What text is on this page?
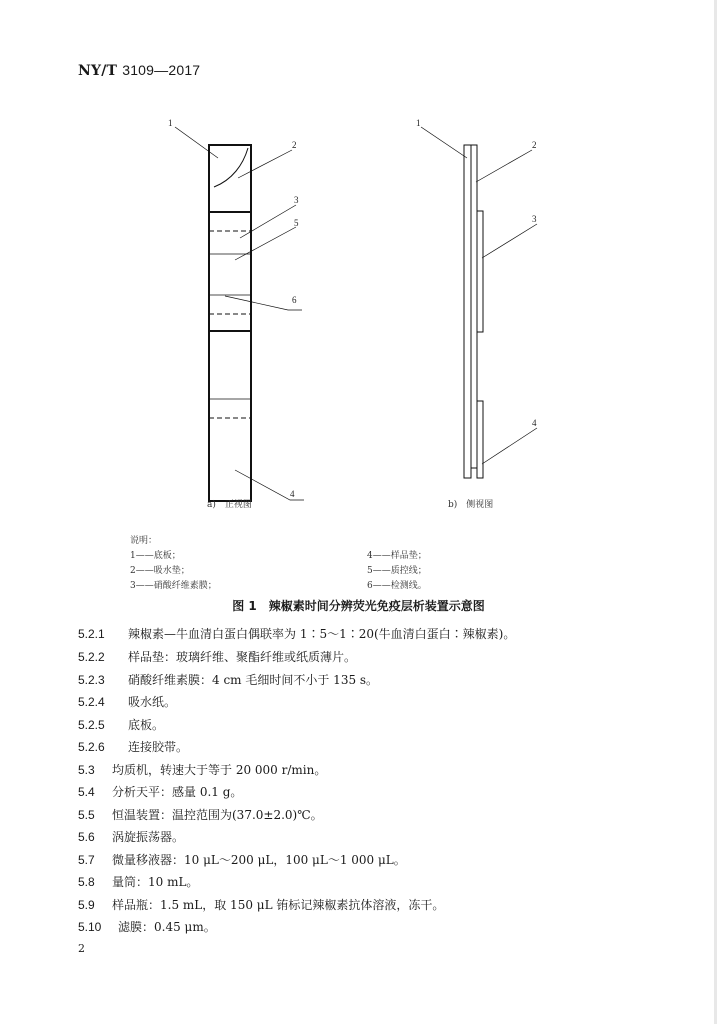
NY/T 3109—2017
1
2
3
5
6
4
1
2
3
4
a)　正视图	b)　侧视图
说明：
1——底板；
2——吸水垫；
3——硝酸纤维素膜；
4——样品垫；
5——质控线；
6——检测线。
图 1　辣椒素时间分辨荧光免疫层析装置示意图
5.2.1 辣椒素—牛血清白蛋白偶联率为 1∶5～1∶20(牛血清白蛋白∶辣椒素)。
5.2.2 样品垫：玻璃纤维、聚酯纤维或纸质薄片。
5.2.3 硝酸纤维素膜：4 cm 毛细时间不小于 135 s。
5.2.4 吸水纸。
5.2.5 底板。
5.2.6 连接胶带。
5.3 均质机，转速大于等于 20 000 r/min。
5.4 分析天平：感量 0.1 g。
5.5 恒温装置：温控范围为(37.0±2.0)℃。
5.6 涡旋振荡器。
5.7 微量移液器：10 μL～200 μL，100 μL～1 000 μL。
5.8 量筒：10 mL。
5.9 样品瓶：1.5 mL，取 150 μL 铕标记辣椒素抗体溶液，冻干。
5.10 滤膜：0.45 μm。
2
